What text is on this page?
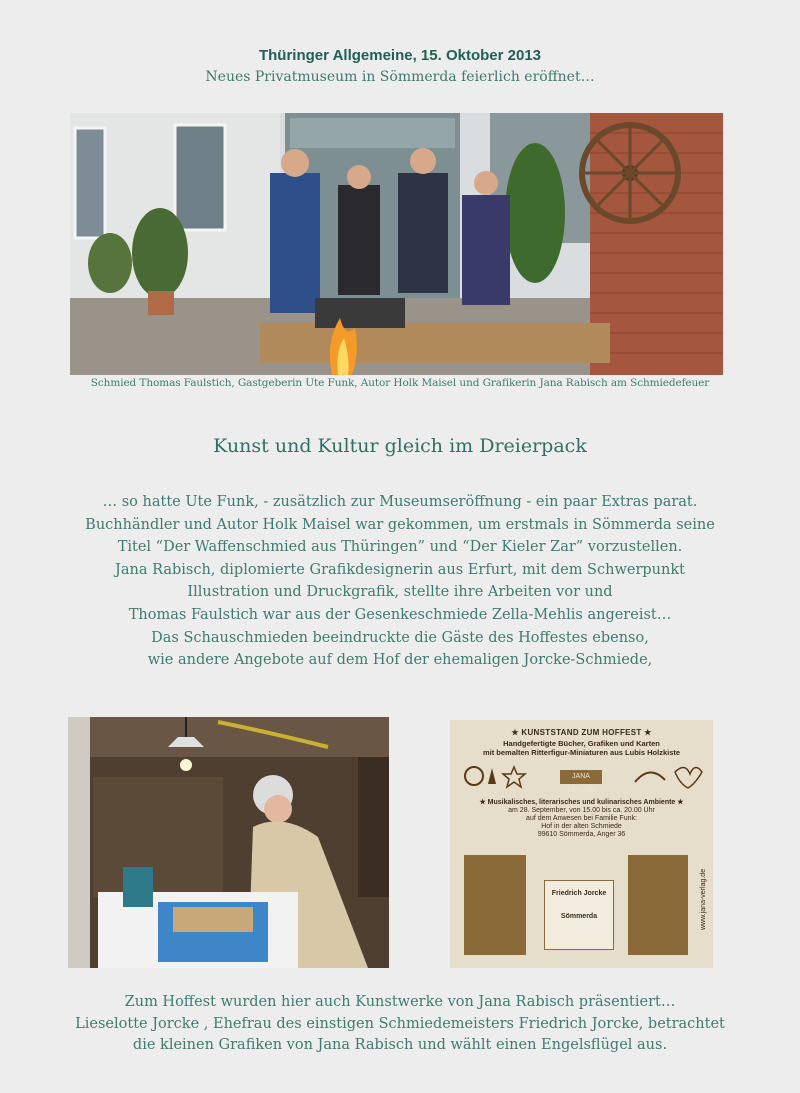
Thüringer Allgemeine, 15. Oktober 2013
Neues Privatmuseum in Sömmerda feierlich eröffnet…
Schmied Thomas Faulstich, Gastgeberin Ute Funk, Autor Holk Maisel und Grafikerin Jana Rabisch am Schmiedefeuer
Kunst und Kultur gleich im Dreierpack
… so hatte Ute Funk, - zusätzlich zur Museumseröffnung - ein paar Extras parat.
Buchhändler und Autor Holk Maisel war gekommen, um erstmals in Sömmerda seine
Titel “Der Waffenschmied aus Thüringen” und “Der Kieler Zar” vorzustellen.
Jana Rabisch, diplomierte Grafikdesignerin aus Erfurt, mit dem Schwerpunkt
Illustration und Druckgrafik, stellte ihre Arbeiten vor und
Thomas Faulstich war aus der Gesenkeschmiede Zella-Mehlis angereist…
Das Schauschmieden beeindruckte die Gäste des Hoffestes ebenso,
wie andere Angebote auf dem Hof der ehemaligen Jorcke-Schmiede,
★ KUNSTSTAND ZUM HOFFEST ★
Handgefertigte Bücher, Grafiken und Karten
mit bemalten Ritterfigur-Miniaturen aus Lubis Holzkiste
JANA VERLAG
★ Musikalisches, literarisches und kulinarisches Ambiente ★
am 28. September, von 15.00 bis ca. 20.00 Uhr
auf dem Anwesen bei Familie Funk:
Hof in der alten Schmiede
99610 Sömmerda, Anger 36
Friedrich Jorcke
Sömmerda	www.jana-verlag.de
Zum Hoffest wurden hier auch Kunstwerke von Jana Rabisch präsentiert…
Lieselotte Jorcke , Ehefrau des einstigen Schmiedemeisters Friedrich Jorcke, betrachtet
die kleinen Grafiken von Jana Rabisch und wählt einen Engelsflügel aus.
